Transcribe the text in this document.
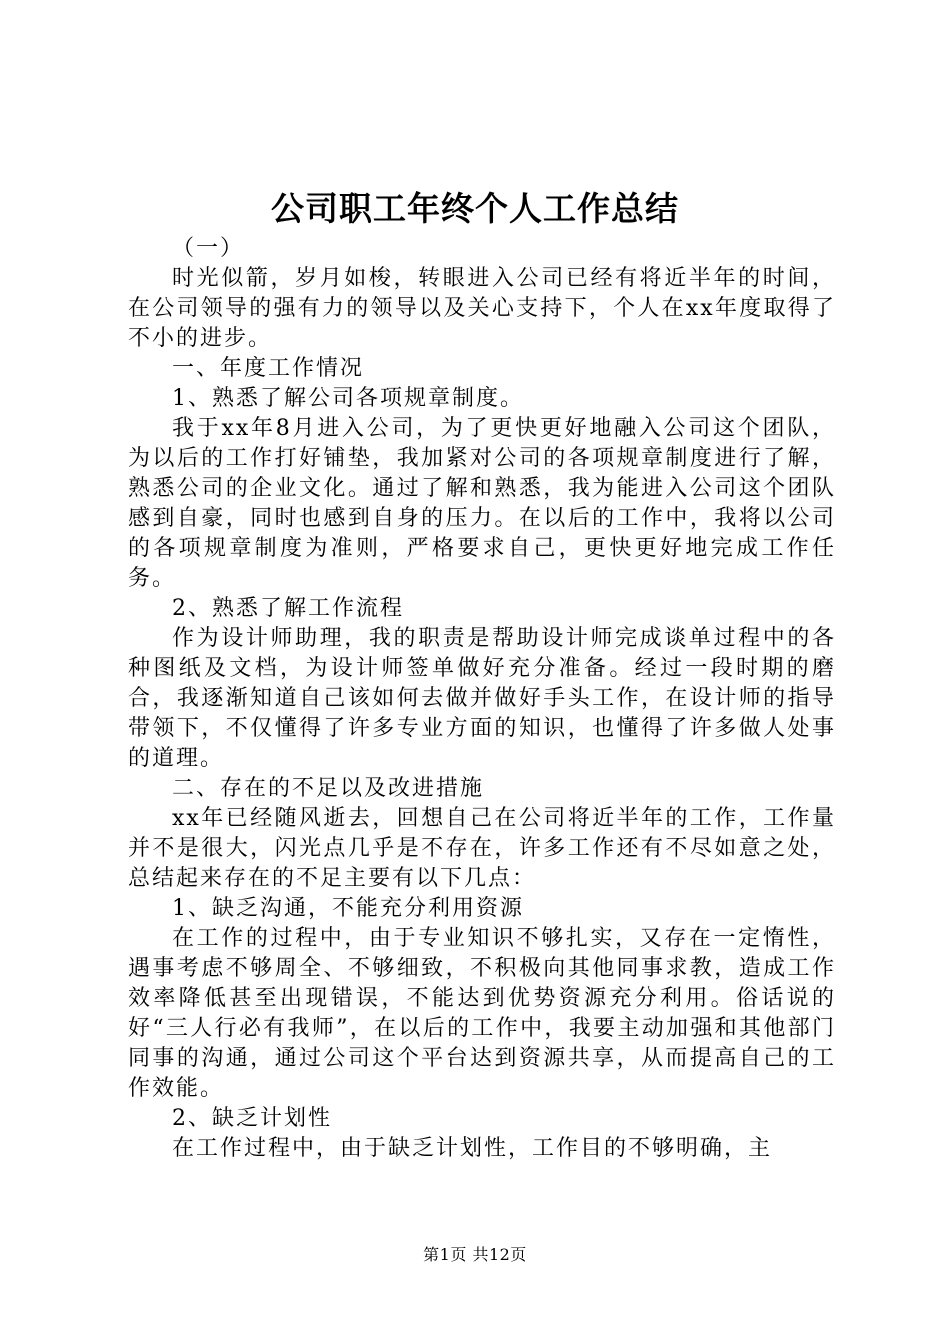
公司职工年终个人工作总结

（一）

时光似箭，岁月如梭，转眼进入公司已经有将近半年的时间，在公司领导的强有力的领导以及关心支持下，个人在xx年度取得了不小的进步。

一、年度工作情况

1、熟悉了解公司各项规章制度。

我于xx年8月进入公司，为了更快更好地融入公司这个团队，为以后的工作打好铺垫，我加紧对公司的各项规章制度进行了解，熟悉公司的企业文化。通过了解和熟悉，我为能进入公司这个团队感到自豪，同时也感到自身的压力。在以后的工作中，我将以公司的各项规章制度为准则，严格要求自己，更快更好地完成工作任务。

2、熟悉了解工作流程

作为设计师助理，我的职责是帮助设计师完成谈单过程中的各种图纸及文档，为设计师签单做好充分准备。经过一段时期的磨合，我逐渐知道自己该如何去做并做好手头工作，在设计师的指导带领下，不仅懂得了许多专业方面的知识，也懂得了许多做人处事的道理。

二、存在的不足以及改进措施

xx年已经随风逝去，回想自己在公司将近半年的工作，工作量并不是很大，闪光点几乎是不存在，许多工作还有不尽如意之处，总结起来存在的不足主要有以下几点：

1、缺乏沟通，不能充分利用资源

在工作的过程中，由于专业知识不够扎实，又存在一定惰性，遇事考虑不够周全、不够细致，不积极向其他同事求教，造成工作效率降低甚至出现错误，不能达到优势资源充分利用。俗话说的好“三人行必有我师”，在以后的工作中，我要主动加强和其他部门同事的沟通，通过公司这个平台达到资源共享，从而提高自己的工作效能。

2、缺乏计划性

在工作过程中，由于缺乏计划性，工作目的不够明确，主

第1页 共12页
